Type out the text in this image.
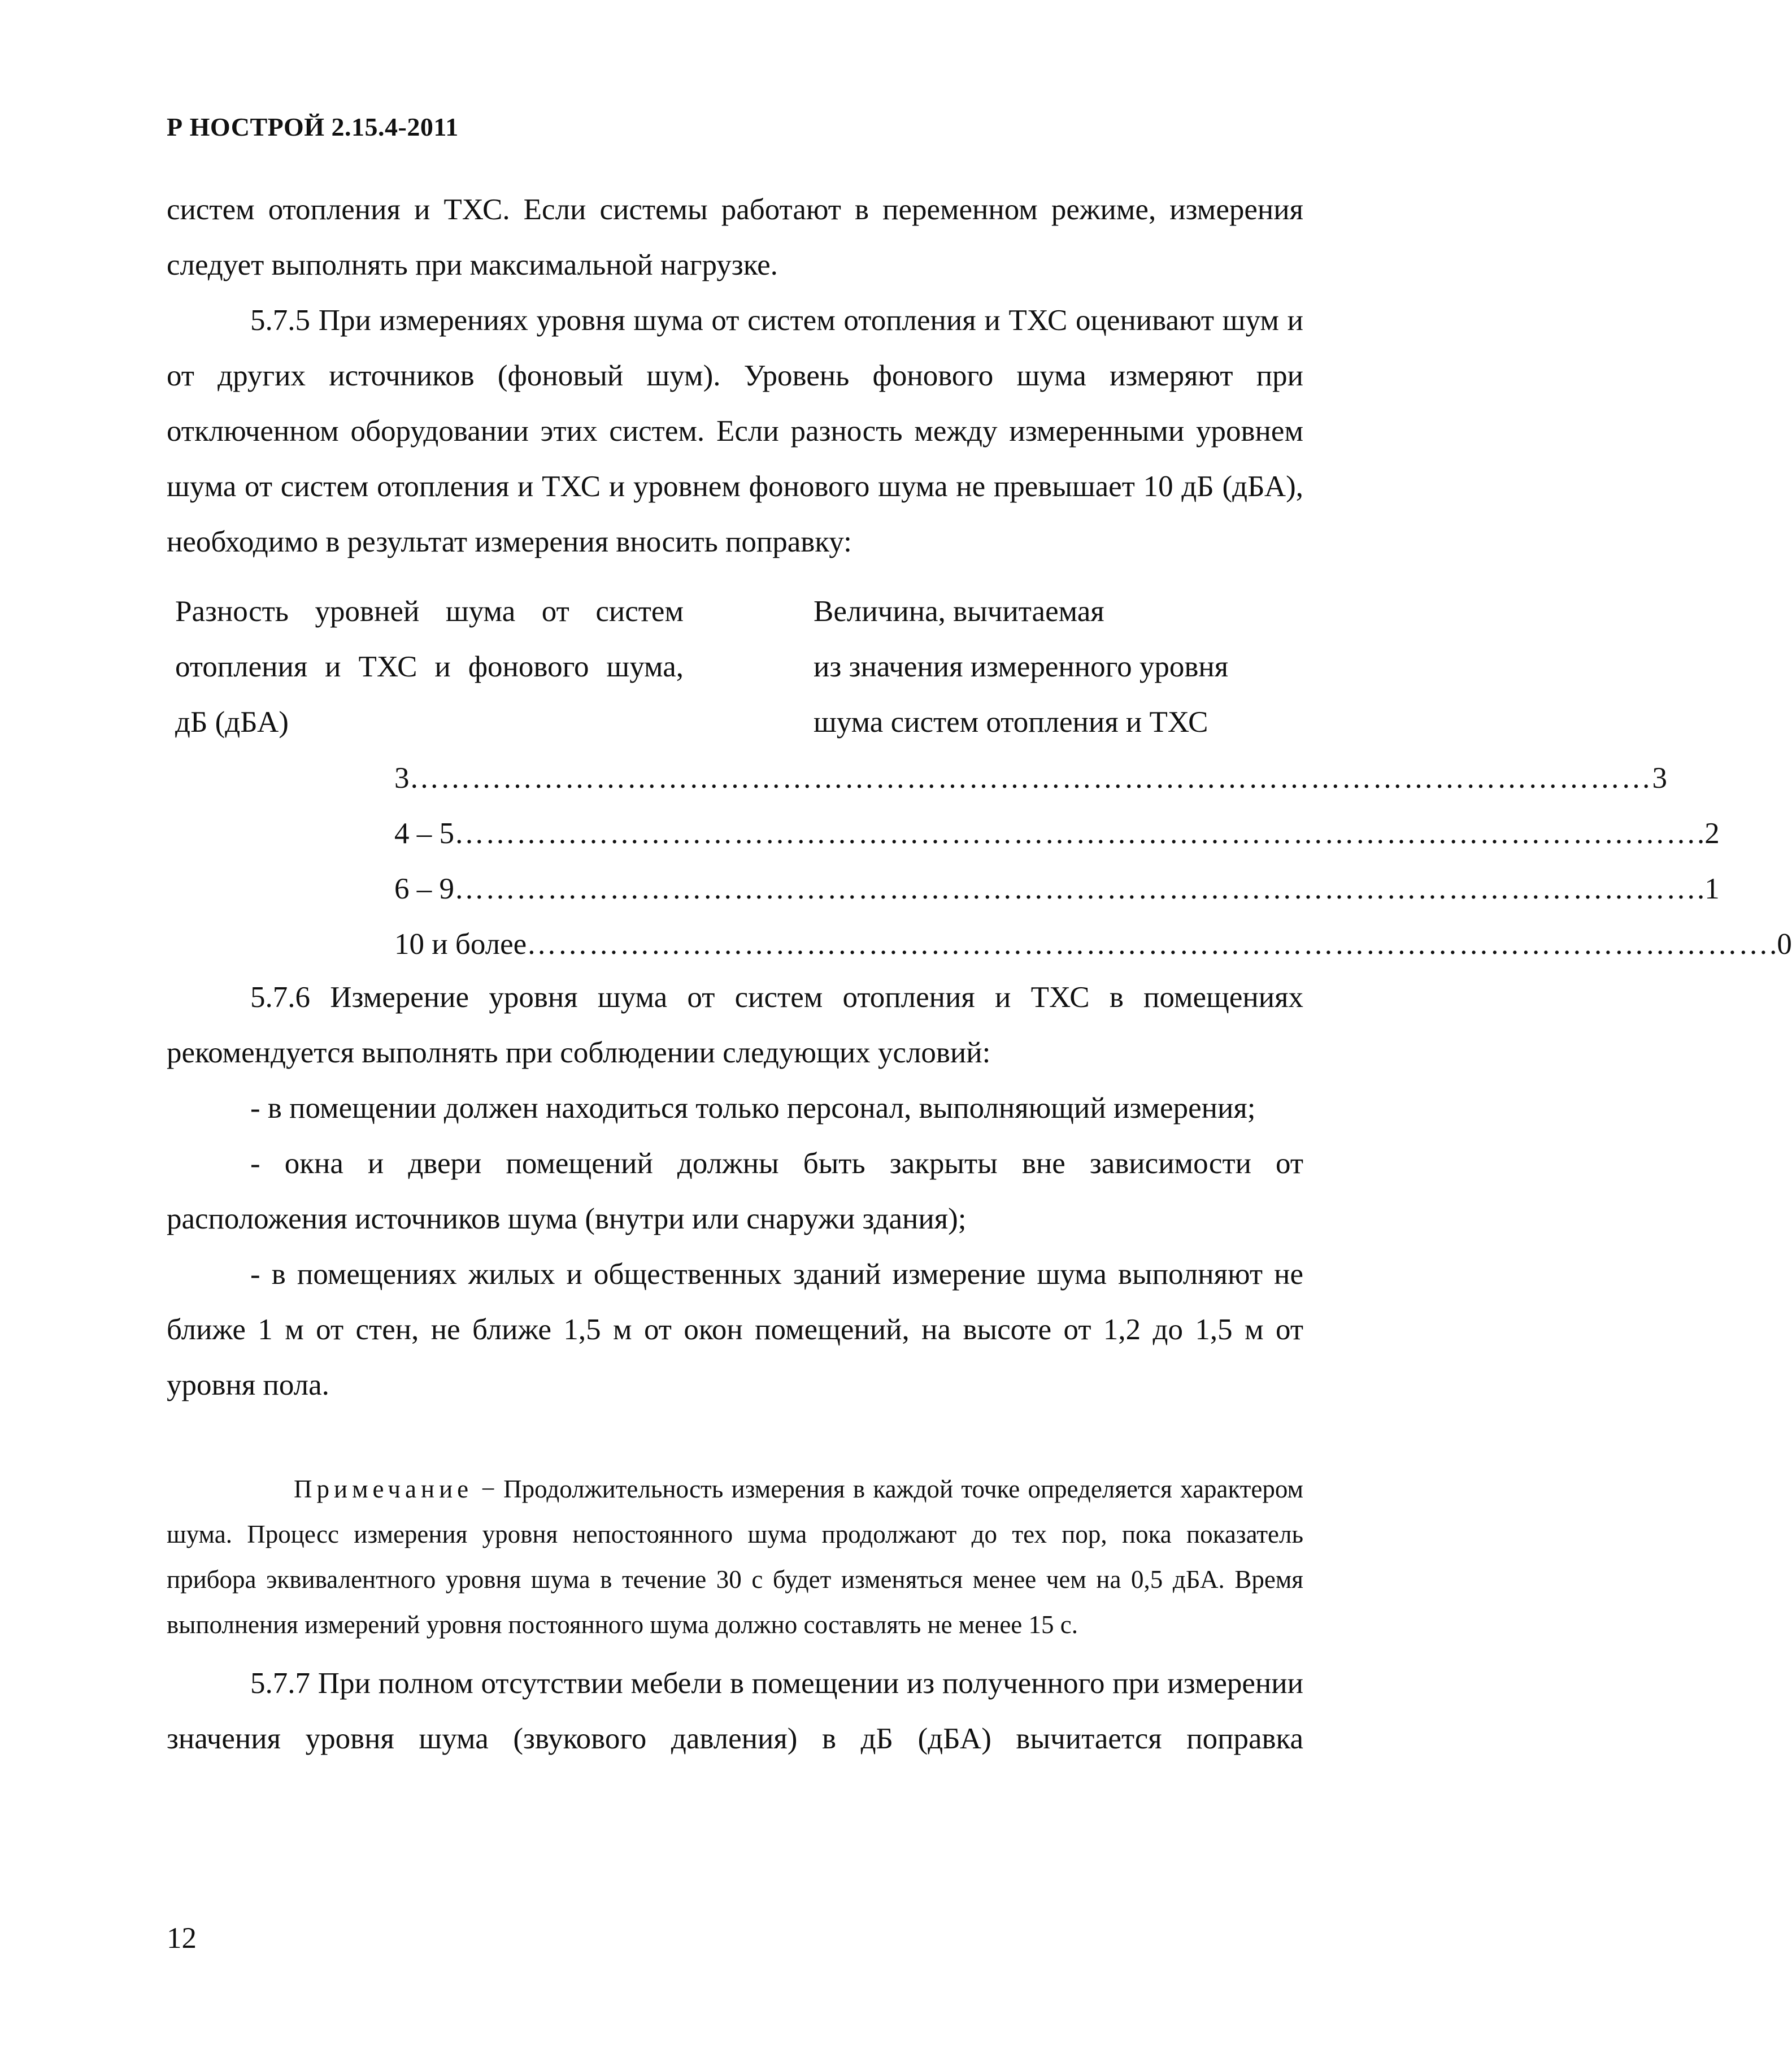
Р НОСТРОЙ 2.15.4-2011

систем отопления и ТХС. Если системы работают в переменном режиме, измерения следует выполнять при максимальной нагрузке.

5.7.5 При измерениях уровня шума от систем отопления и ТХС оценивают шум и от других источников (фоновый шум). Уровень фонового шума измеряют при отключенном оборудовании этих систем. Если разность между измеренными уровнем шума от систем отопления и ТХС и уровнем фонового шума не превышает 10 дБ (дБА), необходимо в результат измерения вносить поправку:

Разность уровней шума от систем
отопления и ТХС и фонового шума,
дБ (дБА)
Величина, вычитаемая
из значения измеренного уровня
шума систем отопления и ТХС
3 ………………………………………………………………………………………………………… 3
4 – 5 ………………………………………………………………………………………………………… .2
6 – 9 ………………………………………………………………………………………………………… .1
10 и более ………………………………………………………………………………………………………… .0

5.7.6 Измерение уровня шума от систем отопления и ТХС в помещениях рекомендуется выполнять при соблюдении следующих условий:

- в помещении должен находиться только персонал, выполняющий измерения;

- окна и двери помещений должны быть закрыты вне зависимости от расположения источников шума (внутри или снаружи здания);

- в помещениях жилых и общественных зданий измерение шума выполняют не ближе 1 м от стен, не ближе 1,5 м от окон помещений, на высоте от 1,2 до 1,5 м от уровня пола.

Примечание − Продолжительность измерения в каждой точке определяется характером шума. Процесс измерения уровня непостоянного шума продолжают до тех пор, пока показатель прибора эквивалентного уровня шума в течение 30 с будет изменяться менее чем на 0,5 дБА. Время выполнения измерений уровня постоянного шума должно составлять не менее 15 с.

5.7.7 При полном отсутствии мебели в помещении из полученного при измерении значения уровня шума (звукового давления) в дБ (дБА) вычитается поправка

12
